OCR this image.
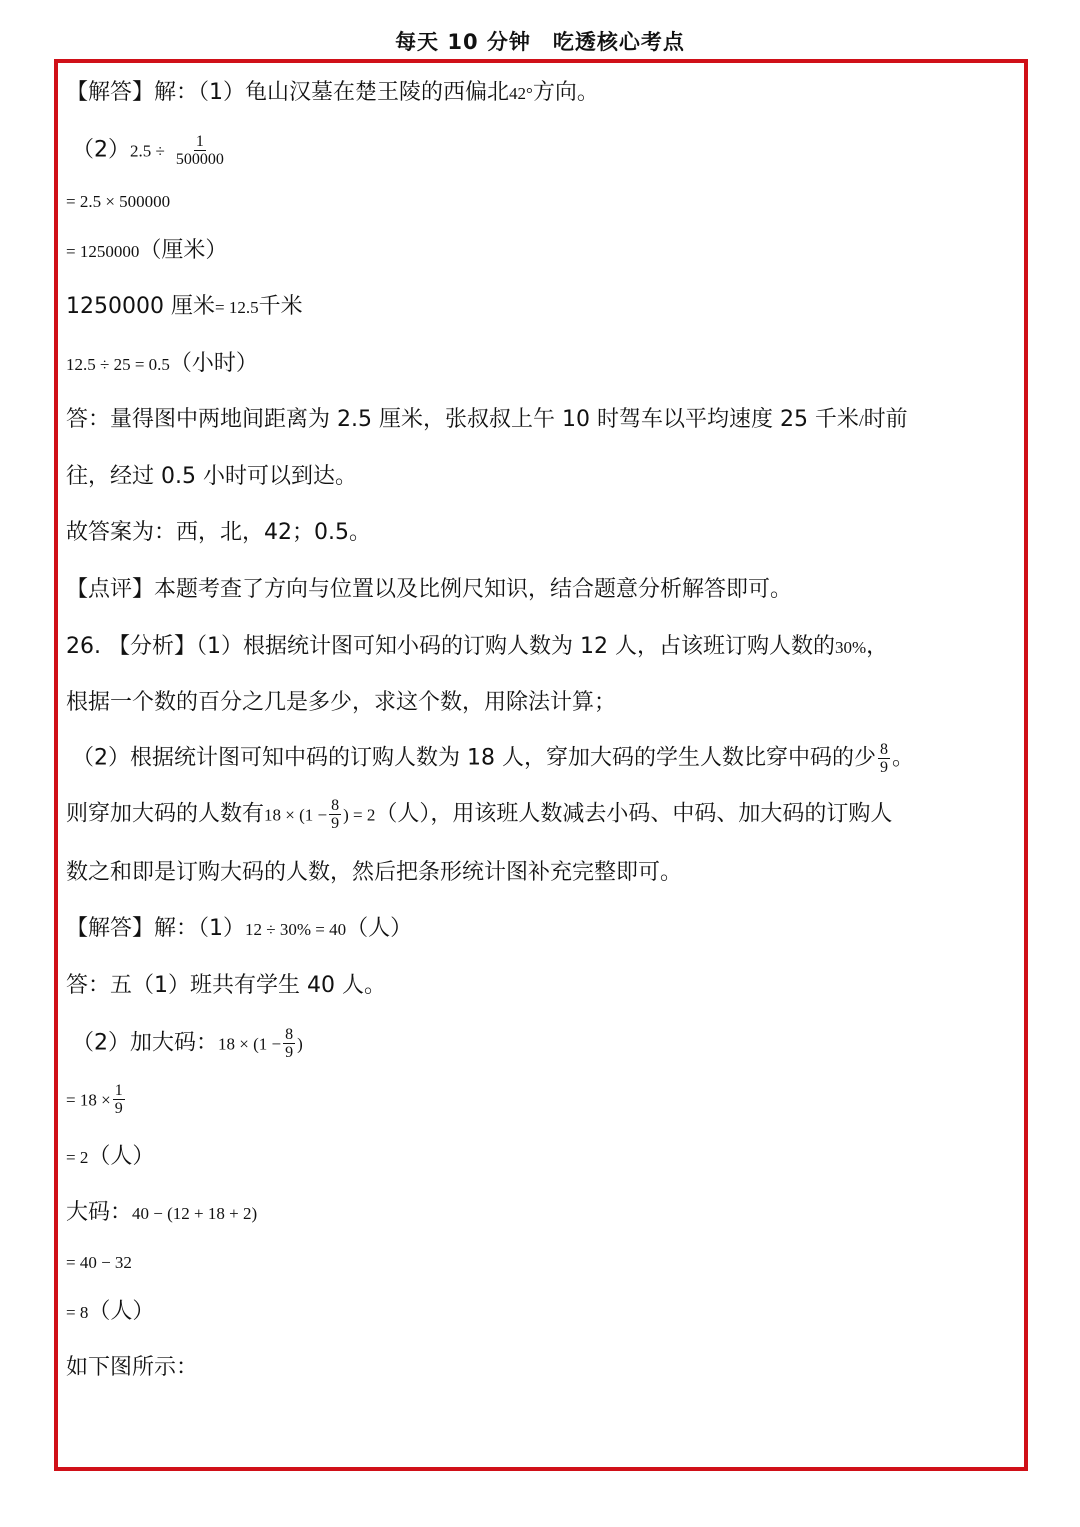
每天 10 分钟　吃透核心考点
【解答】解：（1）龟山汉墓在楚王陵的西偏北42°方向。
$(2)2.5 \div \frac{1}{500000}$
= 2.5 × 500000
= 1250000（厘米）
1250000 厘米= 12.5千米
12.5 ÷ 25 = 0.5（小时）
答：量得图中两地间距离为 2.5 厘米，张叔叔上午 10 时驾车以平均速度 25 千米/时前
往，经过 0.5 小时可以到达。
故答案为：西，北，42；0.5。
【点评】本题考查了方向与位置以及比例尺知识，结合题意分析解答即可。
26. 【分析】（1）根据统计图可知小码的订购人数为 12 人，占该班订购人数的30%，
根据一个数的百分之几是多少，求这个数，用除法计算；
（2）根据统计图可知中码的订购人数为 18 人，穿加大码的学生人数比穿中码的少 $\frac{8}{9}$ 。
则穿加大码的人数有$18 \times (1 - \frac{8}{9}$ ) = 2（人），用该班人数减去小码、中码、加大码的订购人
数之和即是订购大码的人数，然后把条形统计图补充完整即可。
【解答】解：（1）12 ÷ 30% = 40（人）
答：五（1）班共有学生 40 人。
（2）加大码：$18 \times (1 - \frac{8}{9}$ )
= $18 \times \frac{1}{9}$
= 2（人）
大码：40 − (12 + 18 + 2)
= 40 − 32
= 8（人）
如下图所示：
